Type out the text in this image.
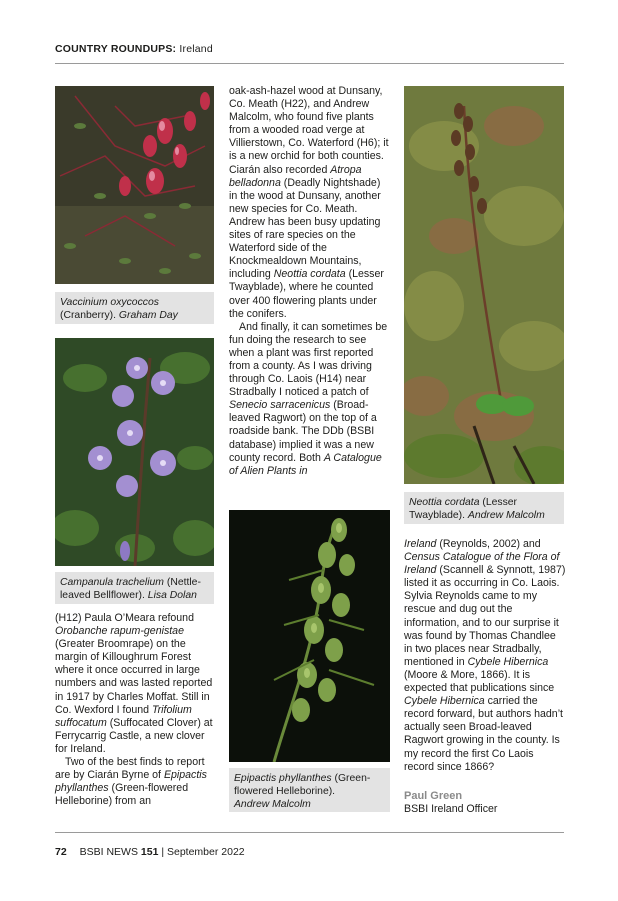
COUNTRY ROUNDUPS: Ireland
Vaccinium oxycoccos (Cranberry). Graham Day
Campanula trachelium (Nettle-leaved Bellflower). Lisa Dolan

(H12) Paula O’Meara refound Orobanche rapum-genistae (Greater Broomrape) on the margin of Killoughrum Forest where it once occurred in large numbers and was lasted reported in 1917 by Charles Moffat. Still in Co. Wexford I found Trifolium suffocatum (Suffocated Clover) at Ferrycarrig Castle, a new clover for Ireland.

Two of the best finds to report are by Ciarán Byrne of Epipactis phyllanthes (Green-flowered Helleborine) from an

oak-ash-hazel wood at Dunsany, Co. Meath (H22), and Andrew Malcolm, who found five plants from a wooded road verge at Villierstown, Co. Waterford (H6); it is a new orchid for both counties. Ciarán also recorded Atropa belladonna (Deadly Nightshade) in the wood at Dunsany, another new species for Co. Meath. Andrew has been busy updating sites of rare species on the Waterford side of the Knockmealdown Mountains, including Neottia cordata (Lesser Twayblade), where he counted over 400 flowering plants under the conifers.

And finally, it can sometimes be fun doing the research to see when a plant was first reported from a county. As I was driving through Co. Laois (H14) near Stradbally I noticed a patch of Senecio sarracenicus (Broad-leaved Ragwort) on the top of a roadside bank. The DDb (BSBI database) implied it was a new county record. Both A Catalogue of Alien Plants in

Epipactis phyllanthes (Green-flowered Helleborine).
Andrew Malcolm
Neottia cordata (Lesser Twayblade). Andrew Malcolm

Ireland (Reynolds, 2002) and Census Catalogue of the Flora of Ireland (Scannell & Synnott, 1987) listed it as occurring in Co. Laois. Sylvia Reynolds came to my rescue and dug out the information, and to our surprise it was found by Thomas Chandlee in two places near Stradbally, mentioned in Cybele Hibernica (Moore & More, 1866). It is expected that publications since Cybele Hibernica carried the record forward, but authors hadn’t actually seen Broad-leaved Ragwort growing in the county. Is my record the first Co Laois record since 1866?

Paul Green
BSBI Ireland Officer
72 BSBI NEWS 151 | September 2022
